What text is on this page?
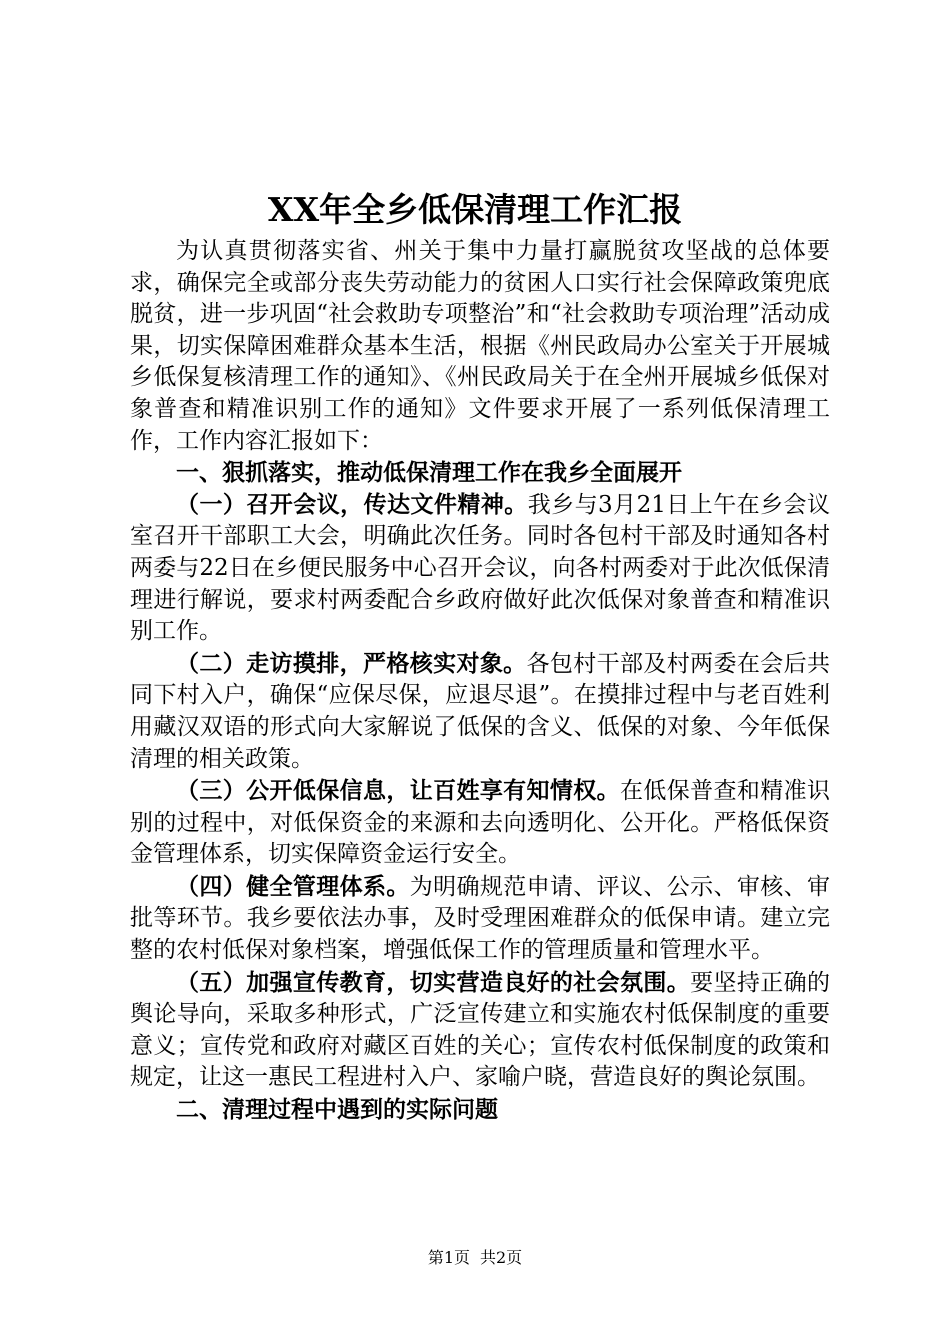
XX年全乡低保清理工作汇报

为认真贯彻落实省、州关于集中力量打赢脱贫攻坚战的总体要求，确保完全或部分丧失劳动能力的贫困人口实行社会保障政策兜底脱贫，进一步巩固“社会救助专项整治”和“社会救助专项治理”活动成果，切实保障困难群众基本生活，根据《州民政局办公室关于开展城乡低保复核清理工作的通知》、《州民政局关于在全州开展城乡低保对象普查和精准识别工作的通知》文件要求开展了一系列低保清理工作，工作内容汇报如下：

一、狠抓落实，推动低保清理工作在我乡全面展开

（一）召开会议，传达文件精神。我乡与3月21日上午在乡会议室召开干部职工大会，明确此次任务。同时各包村干部及时通知各村两委与22日在乡便民服务中心召开会议，向各村两委对于此次低保清理进行解说，要求村两委配合乡政府做好此次低保对象普查和精准识别工作。

（二）走访摸排，严格核实对象。各包村干部及村两委在会后共同下村入户，确保“应保尽保，应退尽退”。在摸排过程中与老百姓利用藏汉双语的形式向大家解说了低保的含义、低保的对象、今年低保清理的相关政策。

（三）公开低保信息，让百姓享有知情权。在低保普查和精准识别的过程中，对低保资金的来源和去向透明化、公开化。严格低保资金管理体系，切实保障资金运行安全。

（四）健全管理体系。为明确规范申请、评议、公示、审核、审批等环节。我乡要依法办事，及时受理困难群众的低保申请。建立完整的农村低保对象档案，增强低保工作的管理质量和管理水平。

（五）加强宣传教育，切实营造良好的社会氛围。要坚持正确的舆论导向，采取多种形式，广泛宣传建立和实施农村低保制度的重要意义；宣传党和政府对藏区百姓的关心；宣传农村低保制度的政策和规定，让这一惠民工程进村入户、家喻户晓，营造良好的舆论氛围。

二、清理过程中遇到的实际问题

第1页 共2页
